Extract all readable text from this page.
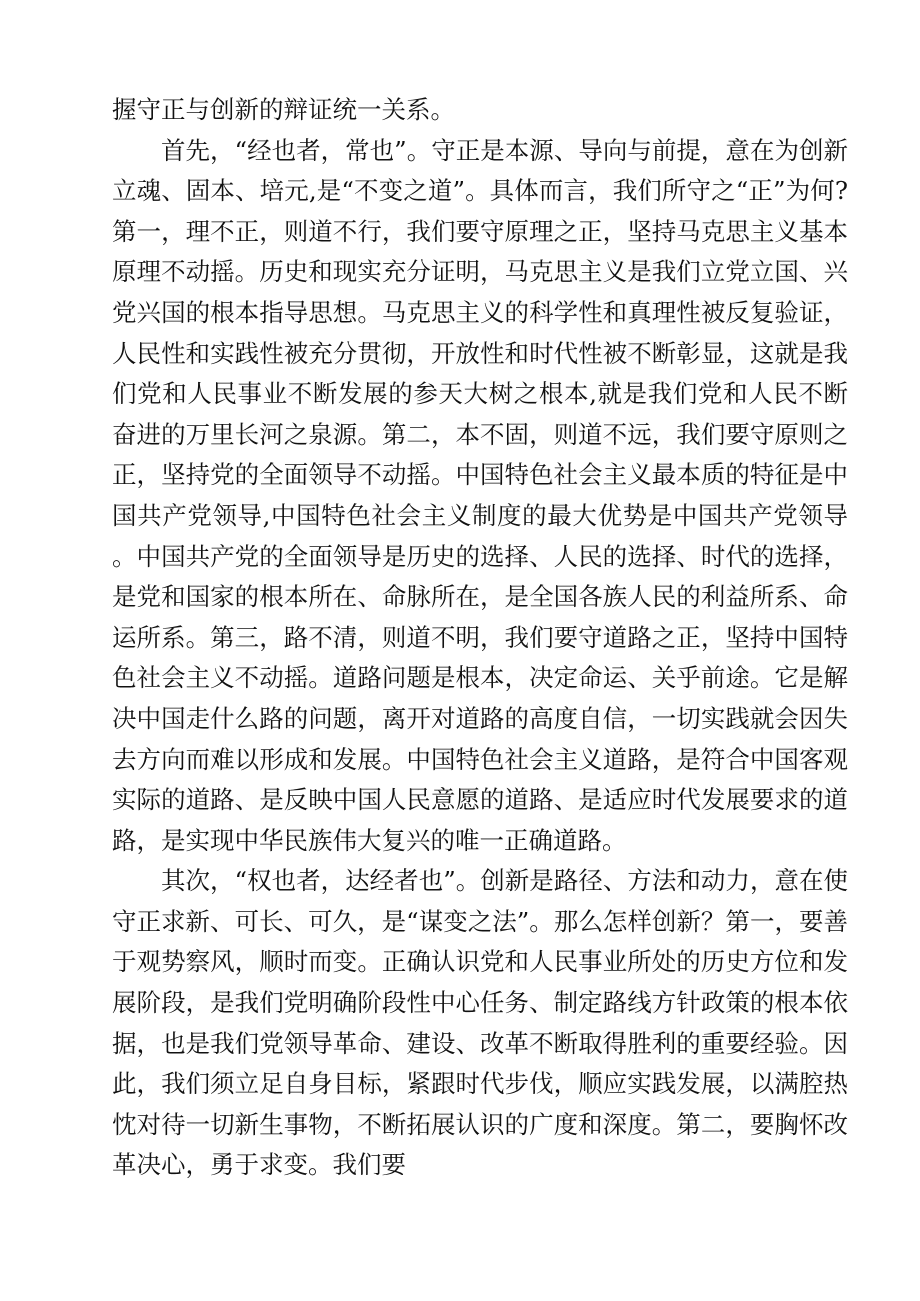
握守正与创新的辩证统一关系。

首先，“经也者，常也”。守正是本源、导向与前提，意在为创新立魂、固本、培元,是“不变之道”。具体而言，我们所守之“正”为何?第一，理不正，则道不行，我们要守原理之正，坚持马克思主义基本原理不动摇。历史和现实充分证明，马克思主义是我们立党立国、兴党兴国的根本指导思想。马克思主义的科学性和真理性被反复验证，人民性和实践性被充分贯彻，开放性和时代性被不断彰显，这就是我们党和人民事业不断发展的参天大树之根本,就是我们党和人民不断奋进的万里长河之泉源。第二，本不固，则道不远，我们要守原则之正，坚持党的全面领导不动摇。中国特色社会主义最本质的特征是中国共产党领导,中国特色社会主义制度的最大优势是中国共产党领导。中国共产党的全面领导是历史的选择、人民的选择、时代的选择，是党和国家的根本所在、命脉所在，是全国各族人民的利益所系、命运所系。第三，路不清，则道不明，我们要守道路之正，坚持中国特色社会主义不动摇。道路问题是根本，决定命运、关乎前途。它是解决中国走什么路的问题，离开对道路的高度自信，一切实践就会因失去方向而难以形成和发展。中国特色社会主义道路，是符合中国客观实际的道路、是反映中国人民意愿的道路、是适应时代发展要求的道路，是实现中华民族伟大复兴的唯一正确道路。

其次，“权也者，达经者也”。创新是路径、方法和动力，意在使守正求新、可长、可久，是“谋变之法”。那么怎样创新？第一，要善于观势察风，顺时而变。正确认识党和人民事业所处的历史方位和发展阶段，是我们党明确阶段性中心任务、制定路线方针政策的根本依据，也是我们党领导革命、建设、改革不断取得胜利的重要经验。因此，我们须立足自身目标，紧跟时代步伐，顺应实践发展，以满腔热忱对待一切新生事物，不断拓展认识的广度和深度。第二，要胸怀改革决心，勇于求变。我们要
